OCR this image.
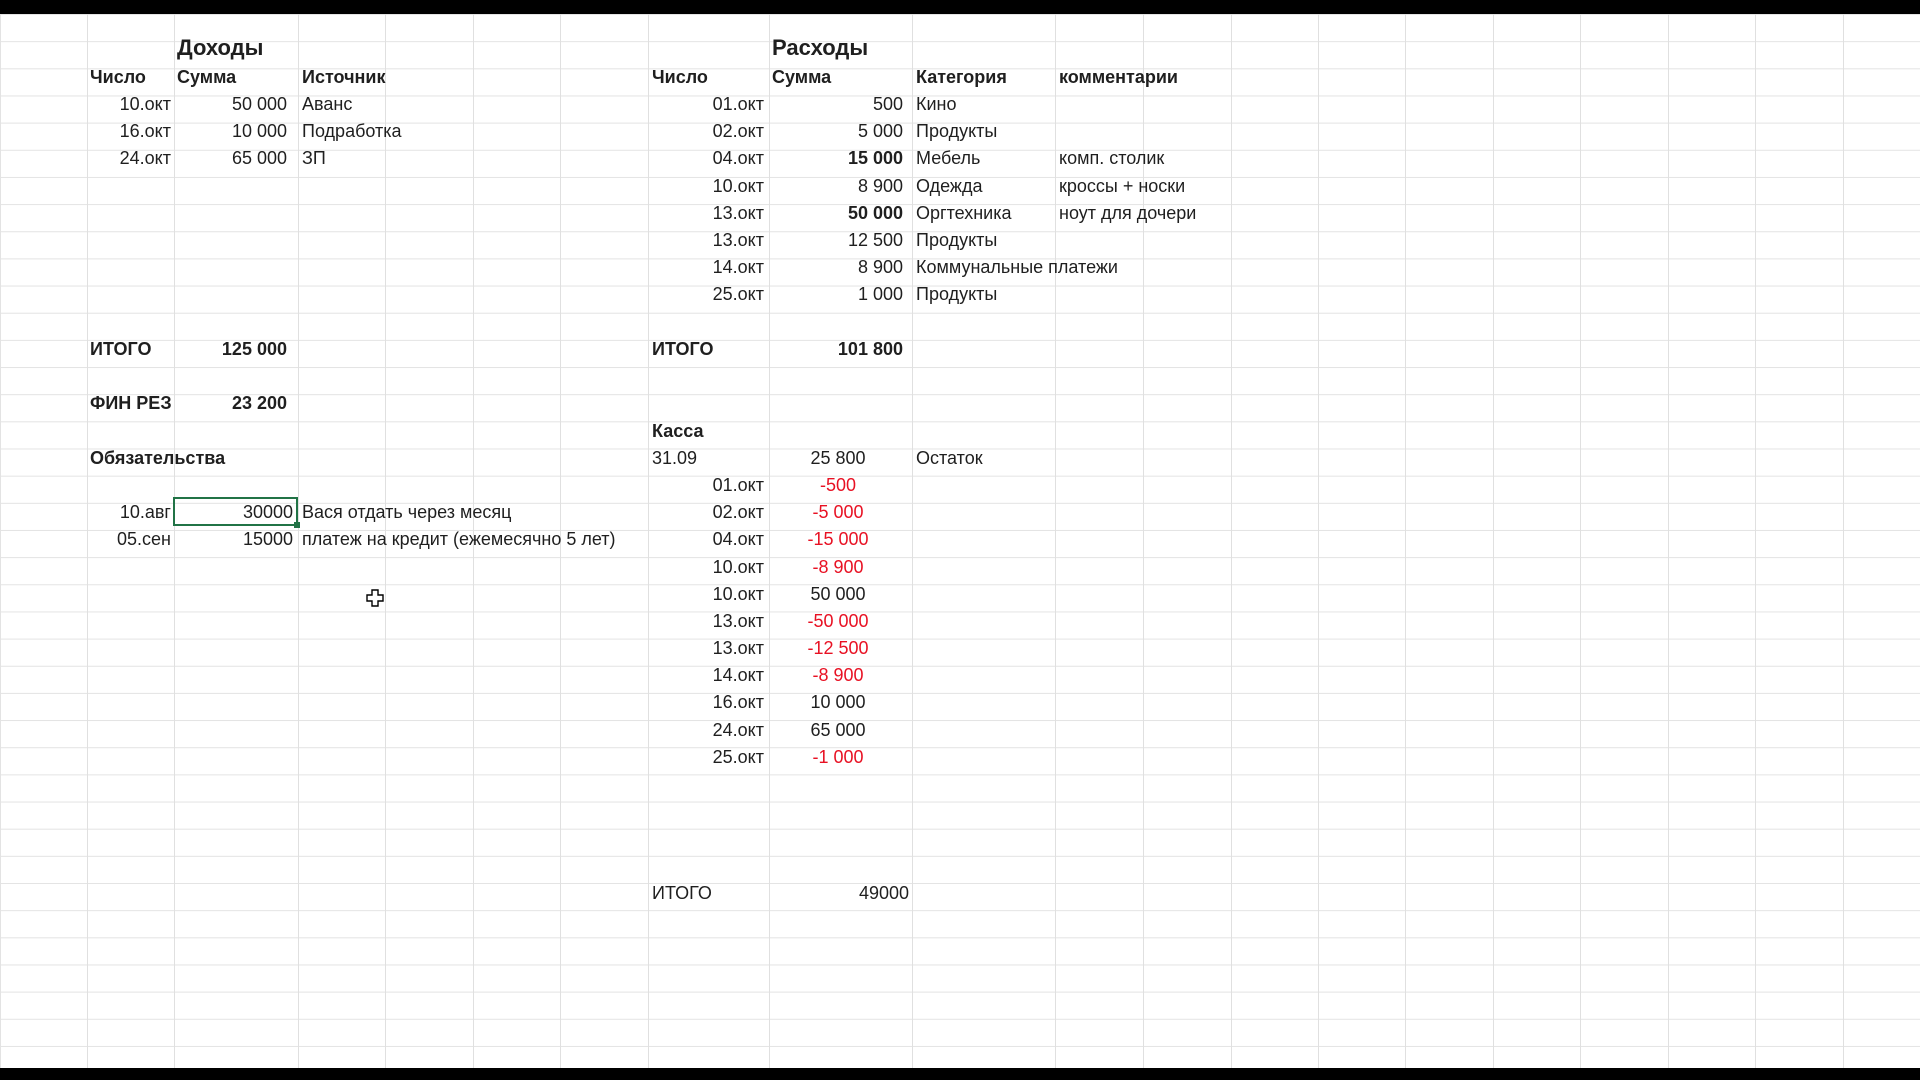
Доходы
Число Сумма	Источник
10.окт	50 000 Аванс
16.окт	10 000 Подработка
24.окт	65 000 ЗП
ИТОГО	125 000
ФИН РЕЗ	23 200
Обязательства
10.авг	30000 Вася отдать через месяц
05.сен	15000 платеж на кредит (ежемесячно 5 лет)
Расходы
Число	Сумма	Категория	комментарии
01.окт	500 Кино
02.окт	5 000 Продукты
04.окт	15 000 Мебель	комп. столик
10.окт	8 900 Одежда	кроссы + носки
13.окт	50 000 Оргтехника	ноут для дочери
13.окт	12 500 Продукты
14.окт	8 900 Коммунальные платежи
25.окт	1 000 Продукты
ИТОГО	101 800
Касса
31.09	25 800	Остаток
01.окт	-500
02.окт	-5 000
04.окт	-15 000
10.окт	-8 900
10.окт	50 000
13.окт	-50 000
13.окт	-12 500
14.окт	-8 900
16.окт	10 000
24.окт	65 000
25.окт	-1 000
ИТОГО	49000
